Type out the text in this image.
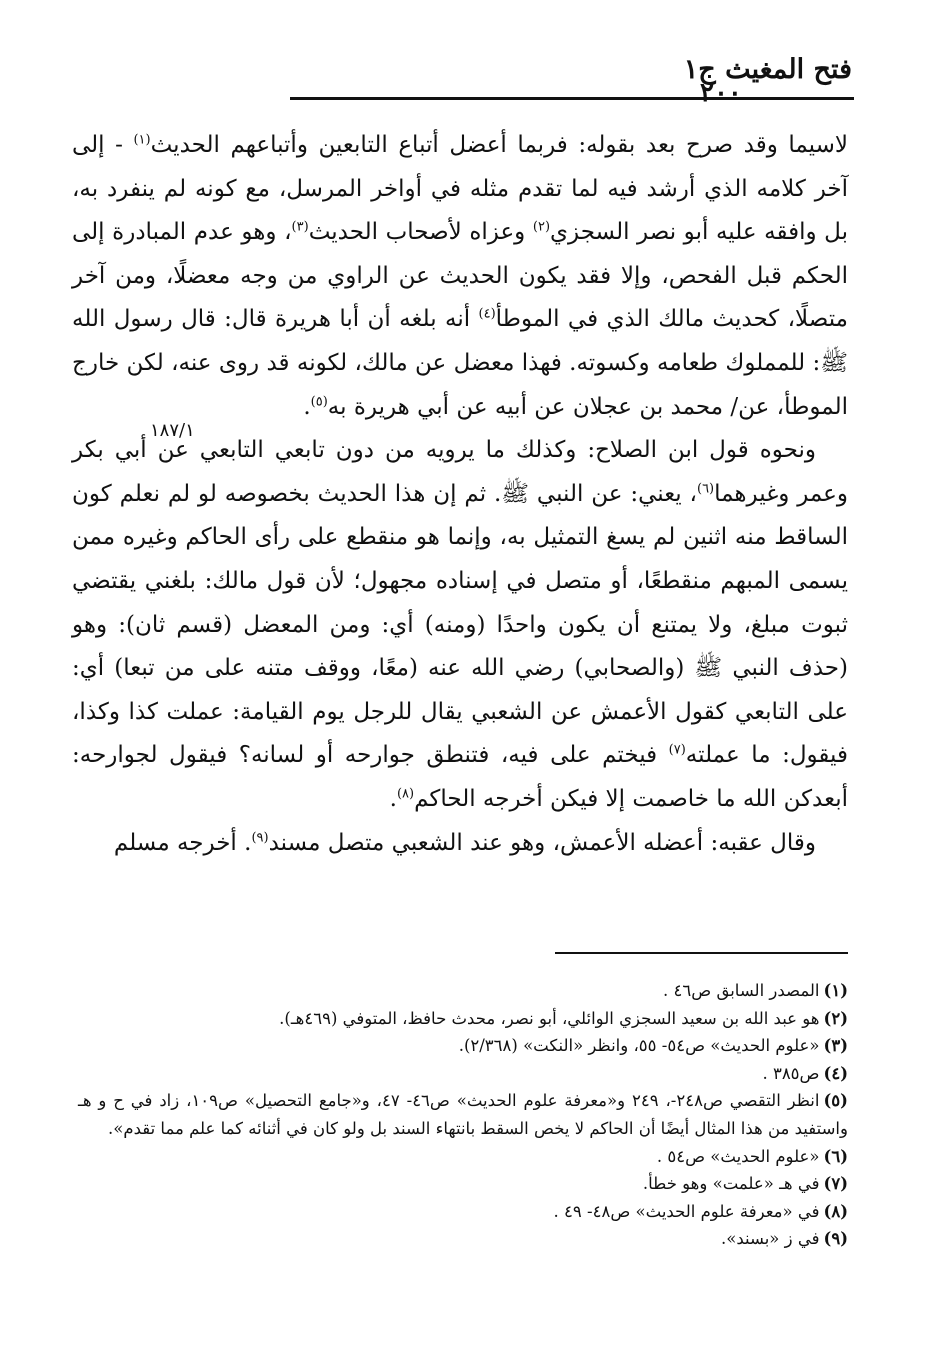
فتح المغيث ج١
٢٠٠
١٨٧/١

لاسيما وقد صرح بعد بقوله: فربما أعضل أتباع التابعين وأتباعهم الحديث$^{(١)}$ - إلى آخر كلامه الذي أرشد فيه لما تقدم مثله في أواخر المرسل، مع كونه لم ينفرد به، بل وافقه عليه أبو نصر السجزي$^{(٢)}$ وعزاه لأصحاب الحديث$^{(٣)}$، وهو عدم المبادرة إلى الحكم قبل الفحص، وإلا فقد يكون الحديث عن الراوي من وجه معضلًا، ومن آخر متصلًا، كحديث مالك الذي في الموطأ$^{(٤)}$ أنه بلغه أن أبا هريرة قال: قال رسول الله ﷺ: للمملوك طعامه وكسوته. فهذا معضل عن مالك، لكونه قد روى عنه، لكن خارج الموطأ، عن/ محمد بن عجلان عن أبيه عن أبي هريرة به$^{(٥)}$.

ونحوه قول ابن الصلاح: وكذلك ما يرويه من دون تابعي التابعي عن أبي بكر وعمر وغيرهما$^{(٦)}$، يعني: عن النبي ﷺ. ثم إن هذا الحديث بخصوصه لو لم نعلم كون الساقط منه اثنين لم يسغ التمثيل به، وإنما هو منقطع على رأى الحاكم وغيره ممن يسمى المبهم منقطعًا، أو متصل في إسناده مجهول؛ لأن قول مالك: بلغني يقتضي ثبوت مبلغ، ولا يمتنع أن يكون واحدًا (ومنه) أي: ومن المعضل (قسم ثان): وهو (حذف النبي ﷺ (والصحابي) رضي الله عنه (معًا، ووقف متنه على من تبعا) أي: على التابعي كقول الأعمش عن الشعبي يقال للرجل يوم القيامة: عملت كذا وكذا، فيقول: ما عملته$^{(٧)}$ فيختم على فيه، فتنطق جوارحه أو لسانه؟ فيقول لجوارحه: أبعدكن الله ما خاصمت إلا فيكن أخرجه الحاكم$^{(٨)}$.

وقال عقبه: أعضله الأعمش، وهو عند الشعبي متصل مسند$^{(٩)}$. أخرجه مسلم

(١)المصدر السابق ص٤٦ .

(٢)هو عبد الله بن سعيد السجزي الوائلي، أبو نصر، محدث حافظ، المتوفي (٤٦٩هـ).

(٣)«علوم الحديث» ص٥٤- ٥٥، وانظر «النكت» (٢/٣٦٨).

(٤)ص٣٨٥ .

(٥)انظر التقصي ص٢٤٨-، ٢٤٩ و«معرفة علوم الحديث» ص٤٦- ٤٧، و«جامع التحصيل» ص١٠٩، زاد في ح و هـ واستفيد من هذا المثال أيضًا أن الحاكم لا يخص السقط بانتهاء السند بل ولو كان في أثنائه كما علم مما تقدم».

(٦)«علوم الحديث» ص٥٤ .

(٧)في هـ «علمت» وهو خطأ.

(٨)في «معرفة علوم الحديث» ص٤٨- ٤٩ .

(٩)في ز «بسند».
